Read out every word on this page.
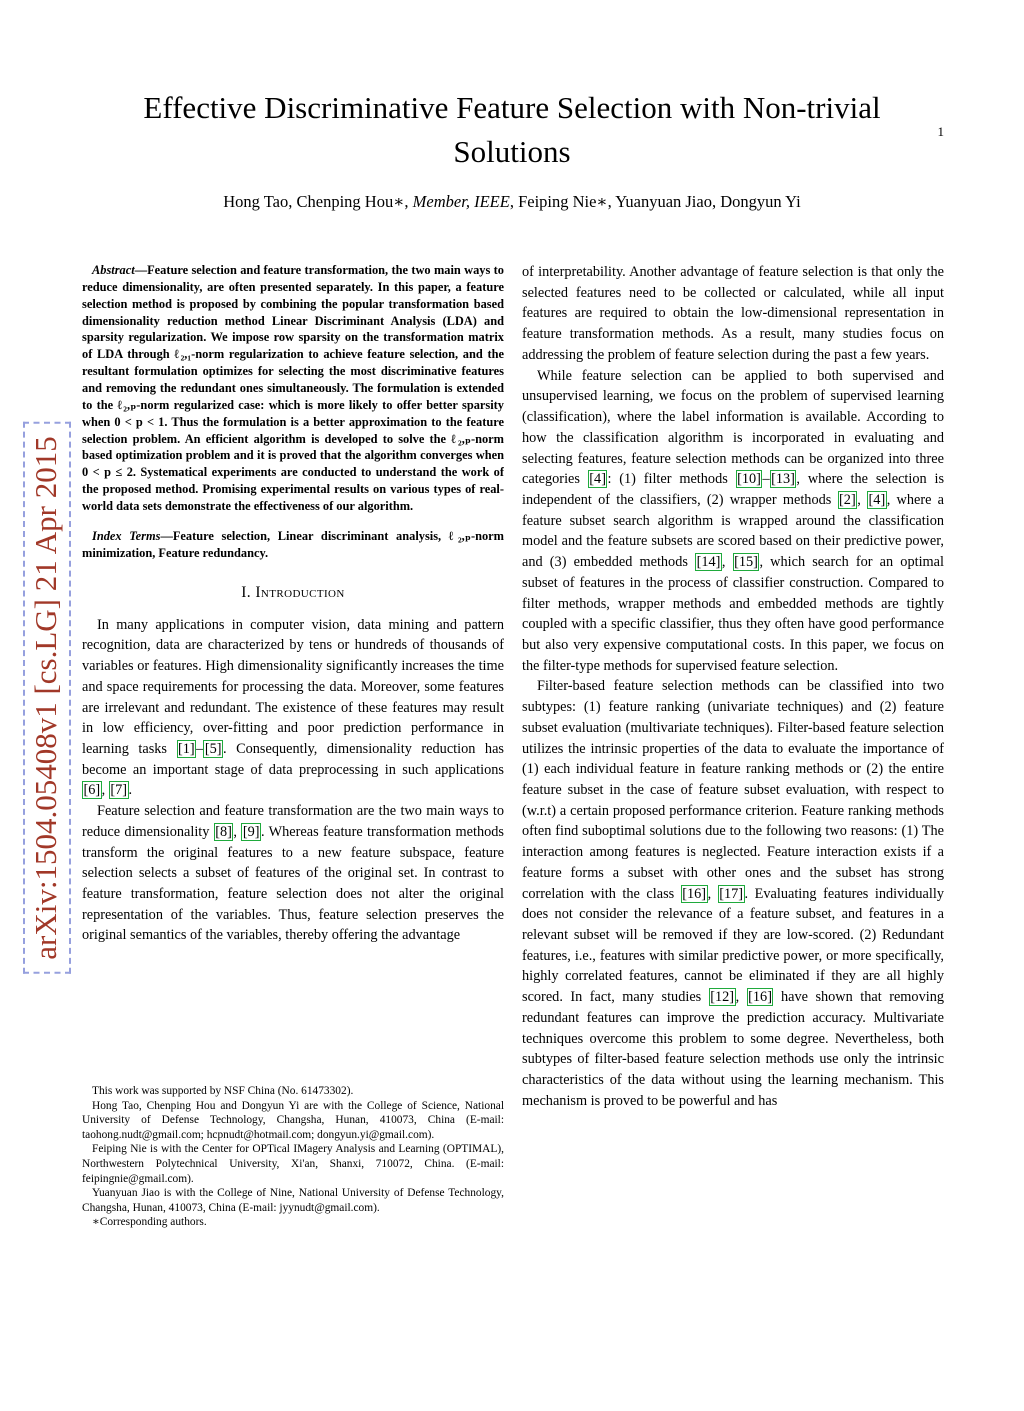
1
arXiv:1504.05408v1 [cs.LG] 21 Apr 2015
Effective Discriminative Feature Selection with Non-trivial Solutions
Hong Tao, Chenping Hou∗, Member, IEEE, Feiping Nie∗, Yuanyuan Jiao, Dongyun Yi

Abstract—Feature selection and feature transformation, the two main ways to reduce dimensionality, are often presented separately. In this paper, a feature selection method is proposed by combining the popular transformation based dimensionality reduction method Linear Discriminant Analysis (LDA) and sparsity regularization. We impose row sparsity on the transformation matrix of LDA through ℓ₂,₁-norm regularization to achieve feature selection, and the resultant formulation optimizes for selecting the most discriminative features and removing the redundant ones simultaneously. The formulation is extended to the ℓ₂,ₚ-norm regularized case: which is more likely to offer better sparsity when 0 < p < 1. Thus the formulation is a better approximation to the feature selection problem. An efficient algorithm is developed to solve the ℓ₂,ₚ-norm based optimization problem and it is proved that the algorithm converges when 0 < p ≤ 2. Systematical experiments are conducted to understand the work of the proposed method. Promising experimental results on various types of real-world data sets demonstrate the effectiveness of our algorithm.

Index Terms—Feature selection, Linear discriminant analysis, ℓ₂,ₚ-norm minimization, Feature redundancy.

I. Introduction

In many applications in computer vision, data mining and pattern recognition, data are characterized by tens or hundreds of thousands of variables or features. High dimensionality significantly increases the time and space requirements for processing the data. Moreover, some features are irrelevant and redundant. The existence of these features may result in low efficiency, over-fitting and poor prediction performance in learning tasks [1] – [5] . Consequently, dimensionality reduction has become an important stage of data preprocessing in such applications [6] , [7] .

Feature selection and feature transformation are the two main ways to reduce dimensionality [8] , [9] . Whereas feature transformation methods transform the original features to a new feature subspace, feature selection selects a subset of features of the original set. In contrast to feature transformation, feature selection does not alter the original representation of the variables. Thus, feature selection preserves the original semantics of the variables, thereby offering the advantage

This work was supported by NSF China (No. 61473302).

Hong Tao, Chenping Hou and Dongyun Yi are with the College of Science, National University of Defense Technology, Changsha, Hunan, 410073, China (E-mail: taohong.nudt@gmail.com; hcpnudt@hotmail.com; dongyun.yi@gmail.com).

Feiping Nie is with the Center for OPTical IMagery Analysis and Learning (OPTIMAL), Northwestern Polytechnical University, Xi'an, Shanxi, 710072, China. (E-mail: feipingnie@gmail.com).

Yuanyuan Jiao is with the College of Nine, National University of Defense Technology, Changsha, Hunan, 410073, China (E-mail: jyynudt@gmail.com).

∗Corresponding authors.

of interpretability. Another advantage of feature selection is that only the selected features need to be collected or calculated, while all input features are required to obtain the low-dimensional representation in feature transformation methods. As a result, many studies focus on addressing the problem of feature selection during the past a few years.

While feature selection can be applied to both supervised and unsupervised learning, we focus on the problem of supervised learning (classification), where the label information is available. According to how the classification algorithm is incorporated in evaluating and selecting features, feature selection methods can be organized into three categories [4] : (1) filter methods [10] – [13] , where the selection is independent of the classifiers, (2) wrapper methods [2] , [4] , where a feature subset search algorithm is wrapped around the classification model and the feature subsets are scored based on their predictive power, and (3) embedded methods [14] , [15] , which search for an optimal subset of features in the process of classifier construction. Compared to filter methods, wrapper methods and embedded methods are tightly coupled with a specific classifier, thus they often have good performance but also very expensive computational costs. In this paper, we focus on the filter-type methods for supervised feature selection.

Filter-based feature selection methods can be classified into two subtypes: (1) feature ranking (univariate techniques) and (2) feature subset evaluation (multivariate techniques). Filter-based feature selection utilizes the intrinsic properties of the data to evaluate the importance of (1) each individual feature in feature ranking methods or (2) the entire feature subset in the case of feature subset evaluation, with respect to (w.r.t) a certain proposed performance criterion. Feature ranking methods often find suboptimal solutions due to the following two reasons: (1) The interaction among features is neglected. Feature interaction exists if a feature forms a subset with other ones and the subset has strong correlation with the class [16] , [17] . Evaluating features individually does not consider the relevance of a feature subset, and features in a relevant subset will be removed if they are low-scored. (2) Redundant features, i.e., features with similar predictive power, or more specifically, highly correlated features, cannot be eliminated if they are all highly scored. In fact, many studies [12] , [16] have shown that removing redundant features can improve the prediction accuracy. Multivariate techniques overcome this problem to some degree. Nevertheless, both subtypes of filter-based feature selection methods use only the intrinsic characteristics of the data without using the learning mechanism. This mechanism is proved to be powerful and has
